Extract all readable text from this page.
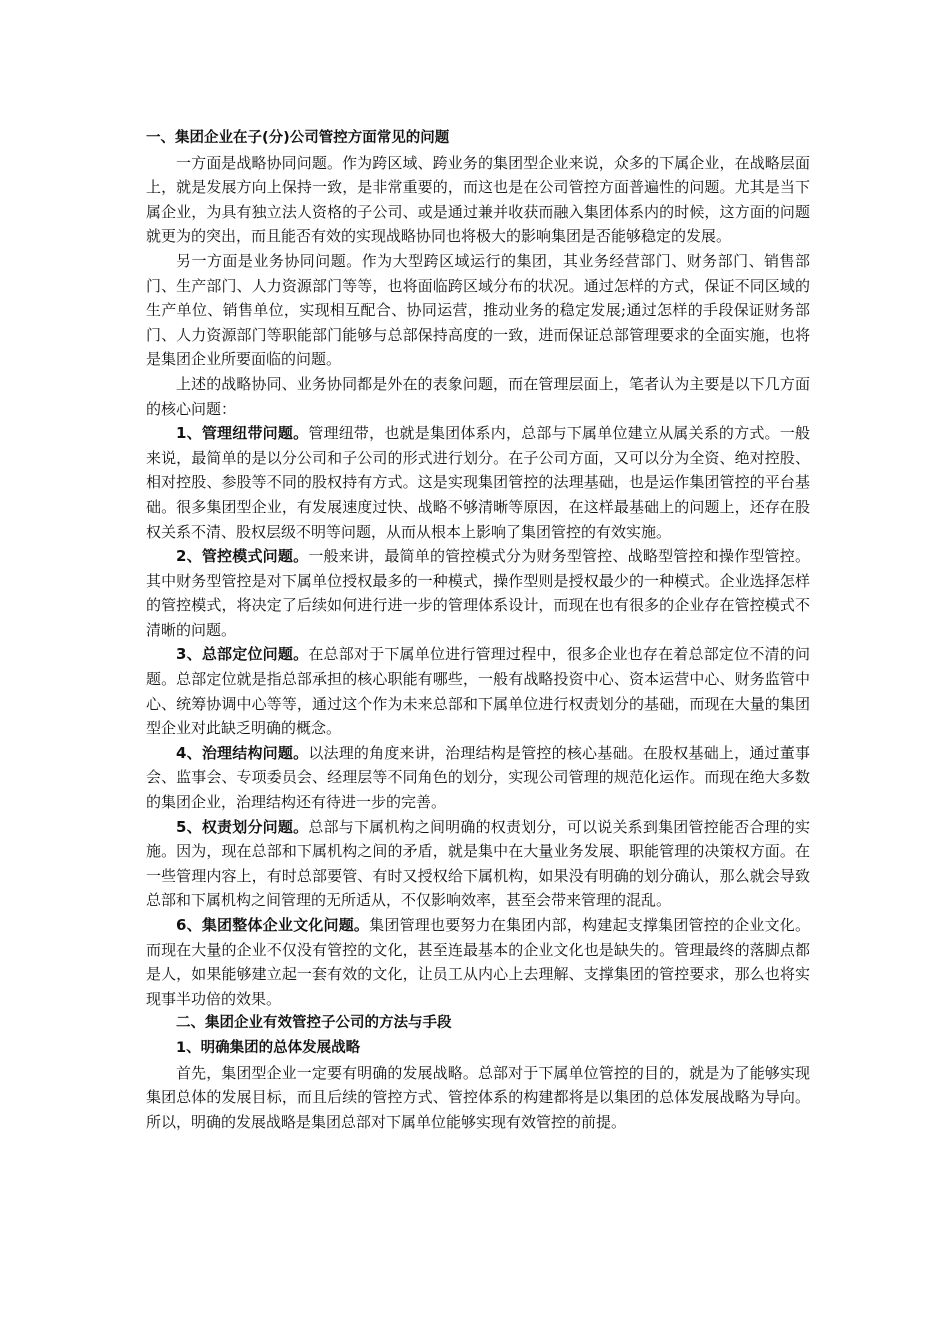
一、集团企业在子(分)公司管控方面常见的问题

一方面是战略协同问题。作为跨区域、跨业务的集团型企业来说，众多的下属企业，在战略层面上，就是发展方向上保持一致，是非常重要的，而这也是在公司管控方面普遍性的问题。尤其是当下属企业，为具有独立法人资格的子公司、或是通过兼并收获而融入集团体系内的时候，这方面的问题就更为的突出，而且能否有效的实现战略协同也将极大的影响集团是否能够稳定的发展。

另一方面是业务协同问题。作为大型跨区域运行的集团，其业务经营部门、财务部门、销售部门、生产部门、人力资源部门等等，也将面临跨区域分布的状况。通过怎样的方式，保证不同区域的生产单位、销售单位，实现相互配合、协同运营，推动业务的稳定发展;通过怎样的手段保证财务部门、人力资源部门等职能部门能够与总部保持高度的一致，进而保证总部管理要求的全面实施，也将是集团企业所要面临的问题。

上述的战略协同、业务协同都是外在的表象问题，而在管理层面上，笔者认为主要是以下几方面的核心问题：

1、管理纽带问题。管理纽带，也就是集团体系内，总部与下属单位建立从属关系的方式。一般来说，最简单的是以分公司和子公司的形式进行划分。在子公司方面，又可以分为全资、绝对控股、相对控股、参股等不同的股权持有方式。这是实现集团管控的法理基础，也是运作集团管控的平台基础。很多集团型企业，有发展速度过快、战略不够清晰等原因，在这样最基础上的问题上，还存在股权关系不清、股权层级不明等问题，从而从根本上影响了集团管控的有效实施。

2、管控模式问题。一般来讲，最简单的管控模式分为财务型管控、战略型管控和操作型管控。其中财务型管控是对下属单位授权最多的一种模式，操作型则是授权最少的一种模式。企业选择怎样的管控模式，将决定了后续如何进行进一步的管理体系设计，而现在也有很多的企业存在管控模式不清晰的问题。

3、总部定位问题。在总部对于下属单位进行管理过程中，很多企业也存在着总部定位不清的问题。总部定位就是指总部承担的核心职能有哪些，一般有战略投资中心、资本运营中心、财务监管中心、统筹协调中心等等，通过这个作为未来总部和下属单位进行权责划分的基础，而现在大量的集团型企业对此缺乏明确的概念。

4、治理结构问题。以法理的角度来讲，治理结构是管控的核心基础。在股权基础上，通过董事会、监事会、专项委员会、经理层等不同角色的划分，实现公司管理的规范化运作。而现在绝大多数的集团企业，治理结构还有待进一步的完善。

5、权责划分问题。总部与下属机构之间明确的权责划分，可以说关系到集团管控能否合理的实施。因为，现在总部和下属机构之间的矛盾，就是集中在大量业务发展、职能管理的决策权方面。在一些管理内容上，有时总部要管、有时又授权给下属机构，如果没有明确的划分确认，那么就会导致总部和下属机构之间管理的无所适从，不仅影响效率，甚至会带来管理的混乱。

6、集团整体企业文化问题。集团管理也要努力在集团内部，构建起支撑集团管控的企业文化。而现在大量的企业不仅没有管控的文化，甚至连最基本的企业文化也是缺失的。管理最终的落脚点都是人，如果能够建立起一套有效的文化，让员工从内心上去理解、支撑集团的管控要求，那么也将实现事半功倍的效果。

二、集团企业有效管控子公司的方法与手段

1、明确集团的总体发展战略

首先，集团型企业一定要有明确的发展战略。总部对于下属单位管控的目的，就是为了能够实现集团总体的发展目标，而且后续的管控方式、管控体系的构建都将是以集团的总体发展战略为导向。所以，明确的发展战略是集团总部对下属单位能够实现有效管控的前提。
